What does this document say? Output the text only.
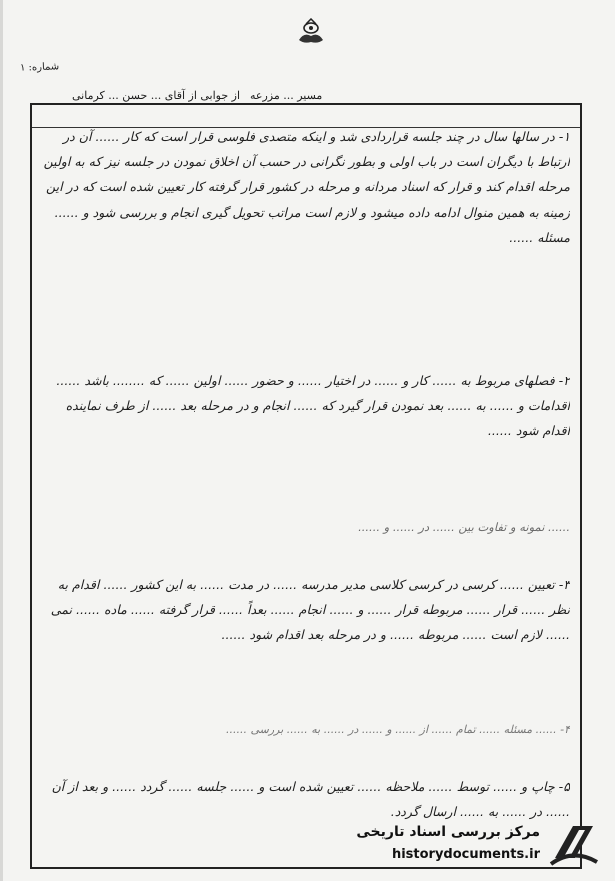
شماره: ۱
از جوابی از آقای ... حسن ... کرمانی مسیر ... مزرعه

۱- در سالها سال در چند جلسه قراردادی شد و اینکه متصدی فلوسی قرار است که کار ...... آن در ارتباط با دیگران است در باب اولی و بطور نگرانی در حسب آن اخلاق نمودن در جلسه نیز که به اولین مرحله اقدام کند و قرار که اسناد مردانه و مرحله در کشور قرار گرفته کار تعیین شده است که در این زمینه به همین منوال ادامه داده میشود و لازم است مراتب تحویل گیری انجام و بررسی شود و ...... مسئله ......

۲- فصلهای مربوط به ...... کار و ...... در اختیار ...... و حضور ...... اولین ...... که ........ باشد ...... اقدامات و ...... به ...... بعد نمودن قرار گیرد که ...... انجام و در مرحله بعد ...... از طرف نماینده اقدام شود ......

...... نمونه و تفاوت بین ...... در ...... و ......

۳- تعیین ...... کرسی در کرسی کلاسی مدیر مدرسه ...... در مدت ...... به این کشور ...... اقدام به نظر ...... قرار ...... مربوطه قرار ...... و ...... انجام ...... بعداً ...... قرار گرفته ...... ماده ...... نمی ...... لازم است ...... مربوطه ...... و در مرحله بعد اقدام شود ......

۴- ...... مسئله ...... تمام ...... از ...... و ...... در ...... به ...... بررسی ......

۵- چاپ و ...... توسط ...... ملاحظه ...... تعیین شده است و ...... جلسه ...... گردد ...... و بعد از آن ...... در ...... به ...... ارسال گردد.

مرکز بررسی اسناد تاریخی
historydocuments.ir
